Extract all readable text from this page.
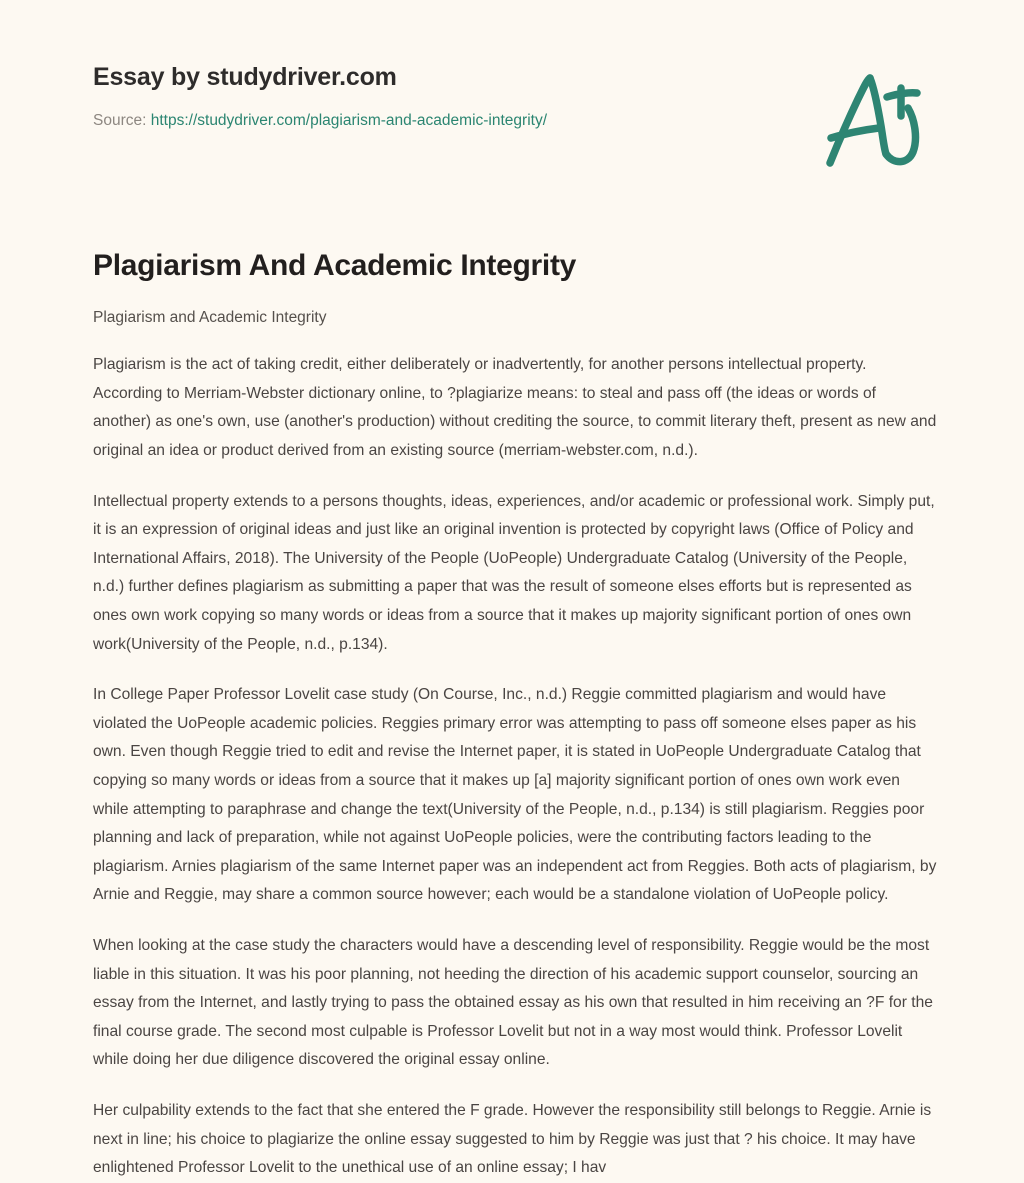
Essay by studydriver.com
Source: https://studydriver.com/plagiarism-and-academic-integrity/
Plagiarism And Academic Integrity

Plagiarism and Academic Integrity

Plagiarism is the act of taking credit, either deliberately or inadvertently, for another persons intellectual property. According to Merriam-Webster dictionary online, to ?plagiarize means: to steal and pass off (the ideas or words of another) as one's own, use (another's production) without crediting the source, to commit literary theft, present as new and original an idea or product derived from an existing source (merriam-webster.com, n.d.).

Intellectual property extends to a persons thoughts, ideas, experiences, and/or academic or professional work. Simply put, it is an expression of original ideas and just like an original invention is protected by copyright laws (Office of Policy and International Affairs, 2018). The University of the People (UoPeople) Undergraduate Catalog (University of the People, n.d.) further defines plagiarism as submitting a paper that was the result of someone elses efforts but is represented as ones own work copying so many words or ideas from a source that it makes up majority significant portion of ones own work(University of the People, n.d., p.134).

In College Paper Professor Lovelit case study (On Course, Inc., n.d.) Reggie committed plagiarism and would have violated the UoPeople academic policies. Reggies primary error was attempting to pass off someone elses paper as his own. Even though Reggie tried to edit and revise the Internet paper, it is stated in UoPeople Undergraduate Catalog that copying so many words or ideas from a source that it makes up [a] majority significant portion of ones own work even while attempting to paraphrase and change the text(University of the People, n.d., p.134) is still plagiarism. Reggies poor planning and lack of preparation, while not against UoPeople policies, were the contributing factors leading to the plagiarism. Arnies plagiarism of the same Internet paper was an independent act from Reggies. Both acts of plagiarism, by Arnie and Reggie, may share a common source however; each would be a standalone violation of UoPeople policy.

When looking at the case study the characters would have a descending level of responsibility. Reggie would be the most liable in this situation. It was his poor planning, not heeding the direction of his academic support counselor, sourcing an essay from the Internet, and lastly trying to pass the obtained essay as his own that resulted in him receiving an ?F for the final course grade. The second most culpable is Professor Lovelit but not in a way most would think. Professor Lovelit while doing her due diligence discovered the original essay online.

Her culpability extends to the fact that she entered the F grade. However the responsibility still belongs to Reggie. Arnie is next in line; his choice to plagiarize the online essay suggested to him by Reggie was just that ? his choice. It may have enlightened Professor Lovelit to the unethical use of an online essay; I hav
